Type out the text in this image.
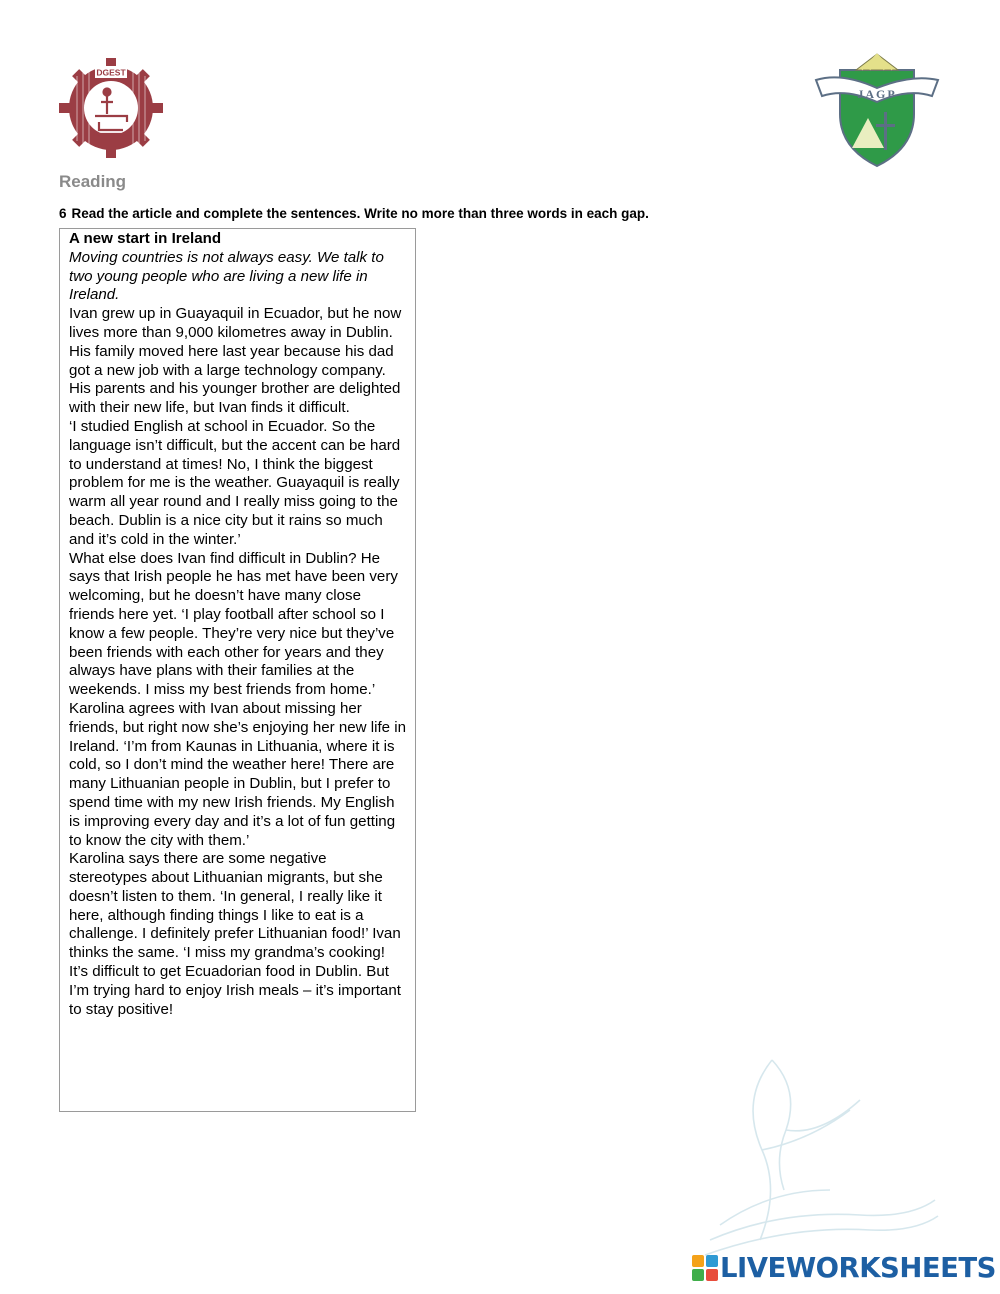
DGEST
JAGP
Reading
6 Read the article and complete the sentences. Write no more than three words in each gap.

A new start in Ireland

Moving countries is not always easy. We talk to two young people who are living a new life in Ireland.

Ivan grew up in Guayaquil in Ecuador, but he now lives more than 9,000 kilometres away in Dublin. His family moved here last year because his dad got a new job with a large technology company. His parents and his younger brother are delighted with their new life, but Ivan finds it difficult.

‘I studied English at school in Ecuador. So the language isn’t difficult, but the accent can be hard to understand at times! No, I think the biggest problem for me is the weather. Guayaquil is really warm all year round and I really miss going to the beach. Dublin is a nice city but it rains so much and it’s cold in the winter.’

What else does Ivan find difficult in Dublin? He says that Irish people he has met have been very welcoming, but he doesn’t have many close friends here yet. ‘I play football after school so I know a few people. They’re very nice but they’ve been friends with each other for years and they always have plans with their families at the weekends. I miss my best friends from home.’

Karolina agrees with Ivan about missing her friends, but right now she’s enjoying her new life in Ireland. ‘I’m from Kaunas in Lithuania, where it is cold, so I don’t mind the weather here! There are many Lithuanian people in Dublin, but I prefer to spend time with my new Irish friends. My English is improving every day and it’s a lot of fun getting to know the city with them.’

Karolina says there are some negative stereotypes about Lithuanian migrants, but she doesn’t listen to them. ‘In general, I really like it here, although finding things I like to eat is a challenge. I definitely prefer Lithuanian food!’ Ivan thinks the same. ‘I miss my grandma’s cooking! It’s difficult to get Ecuadorian food in Dublin. But I’m trying hard to enjoy Irish meals – it’s important to stay positive!

LIVEWORKSHEETS
